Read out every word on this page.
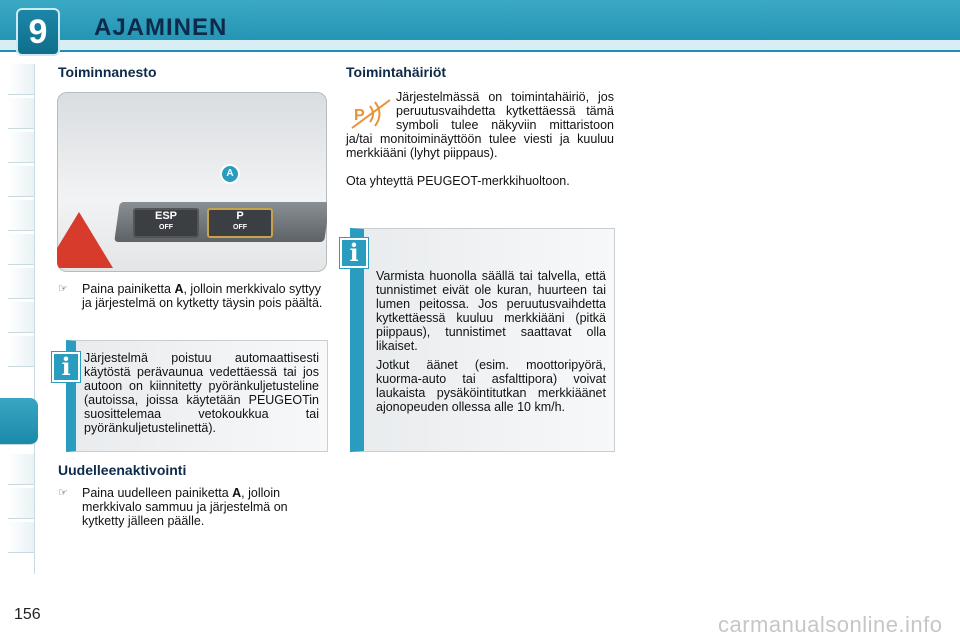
9	AJAMINEN
Toiminnanesto
ESP
OFF
P
OFF
A
☞ Paina painiketta A, jolloin merkkivalo syttyy ja järjestelmä on kytketty täysin pois päältä.

Järjestelmä poistuu automaattisesti käytöstä perävaunua vedettäessä tai jos autoon on kiinnitetty pyöränkuljetusteline (autoissa, joissa käytetään PEUGEOTin suosittelemaa vetokoukkua tai pyöränkuljetustelinettä).

i
Uudelleenaktivointi
☞ Paina uudelleen painiketta A, jolloin merkkivalo sammuu ja järjestelmä on kytketty jälleen päälle.
Toimintahäiriöt
P
Järjestelmässä on toimintahäiriö, jos peruutusvaihdetta kytkettäessä tämä symboli tulee näkyviin mittaristoon ja/tai monitoiminäyttöön tulee viesti ja kuuluu merkkiääni (lyhyt piippaus).

Ota yhteyttä PEUGEOT-merkkihuoltoon.

Varmista huonolla säällä tai talvella, että tunnistimet eivät ole kuran, huurteen tai lumen peitossa. Jos peruutusvaihdetta kytkettäessä kuuluu merkkiääni (pitkä piippaus), tunnistimet saattavat olla likaiset.

Jotkut äänet (esim. moottoripyörä, kuorma-auto tai asfalttipora) voivat laukaista pysäköintitutkan merkkiäänet ajonopeuden ollessa alle 10 km/h.

i
156	carmanualsonline.info
